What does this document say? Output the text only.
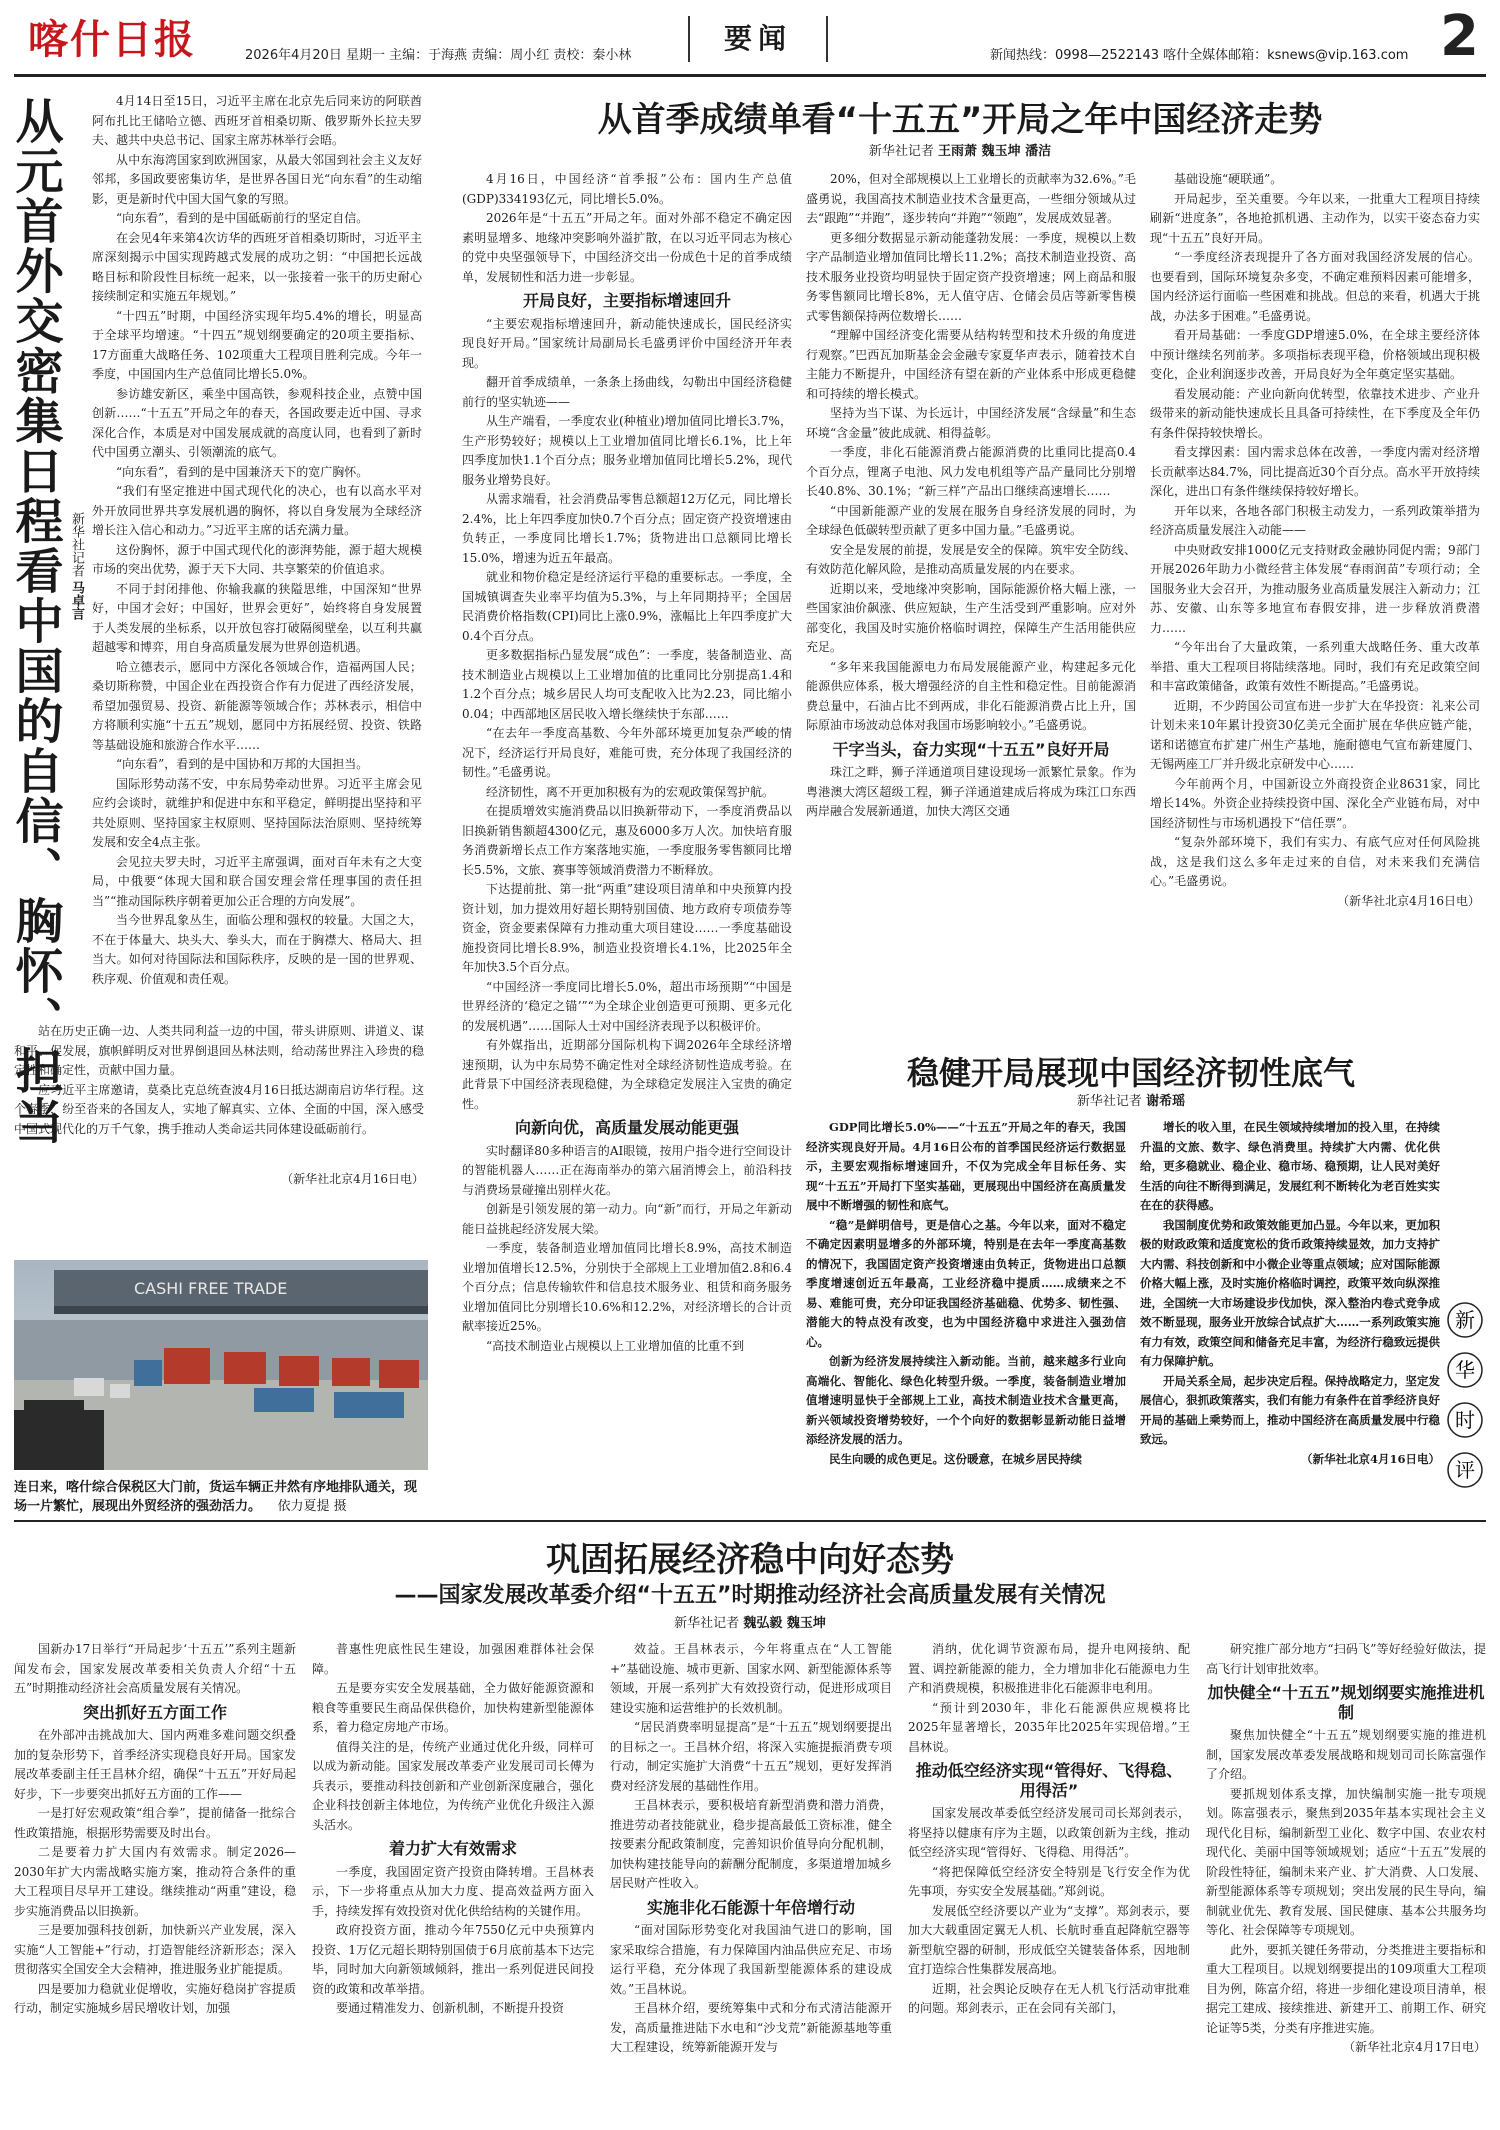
喀什日报	2026年4月20日 星期一 主编：于海燕 责编：周小红 责校：秦小林
要闻
新闻热线：0998—2522143 喀什全媒体邮箱：ksnews@vip.163.com 2
从元首外交密集日程看中国的自信、胸怀、担当 新华社记者 马卓言

4月14日至15日，习近平主席在北京先后同来访的阿联酋阿布扎比王储哈立德、西班牙首相桑切斯、俄罗斯外长拉夫罗夫、越共中央总书记、国家主席苏林举行会晤。

从中东海湾国家到欧洲国家，从最大邻国到社会主义友好邻邦，多国政要密集访华，是世界各国日光“向东看”的生动缩影，更是新时代中国大国气象的写照。

“向东看”，看到的是中国砥砺前行的坚定自信。

在会见4年来第4次访华的西班牙首相桑切斯时，习近平主席深刻揭示中国实现跨越式发展的成功之钥：“中国把长远战略目标和阶段性目标统一起来，以一张接着一张干的历史耐心接续制定和实施五年规划。”

“十四五”时期，中国经济实现年均5.4%的增长，明显高于全球平均增速。“十四五”规划纲要确定的20项主要指标、17方面重大战略任务、102项重大工程项目胜利完成。今年一季度，中国国内生产总值同比增长5.0%。

参访雄安新区，乘坐中国高铁，参观科技企业，点赞中国创新……“十五五”开局之年的春天，各国政要走近中国、寻求深化合作，本质是对中国发展成就的高度认同，也看到了新时代中国勇立潮头、引领潮流的底气。

“向东看”，看到的是中国兼济天下的宽广胸怀。

“我们有坚定推进中国式现代化的决心，也有以高水平对外开放同世界共享发展机遇的胸怀，将以自身发展为全球经济增长注入信心和动力。”习近平主席的话充满力量。

这份胸怀，源于中国式现代化的澎湃势能，源于超大规模市场的突出优势，源于天下大同、共享繁荣的价值追求。

不同于封闭排他、你输我赢的狭隘思维，中国深知“世界好，中国才会好；中国好，世界会更好”，始终将自身发展置于人类发展的坐标系，以开放包容打破隔阂壁垒，以互利共赢超越零和博弈，用自身高质量发展为世界创造机遇。

哈立德表示，愿同中方深化各领域合作，造福两国人民；桑切斯称赞，中国企业在西投资合作有力促进了西经济发展，希望加强贸易、投资、新能源等领域合作；苏林表示，相信中方将顺利实施“十五五”规划，愿同中方拓展经贸、投资、铁路等基础设施和旅游合作水平……

“向东看”，看到的是中国协和万邦的大国担当。

国际形势动荡不安，中东局势牵动世界。习近平主席会见应约会谈时，就维护和促进中东和平稳定，鲜明提出坚持和平共处原则、坚持国家主权原则、坚持国际法治原则、坚持统筹发展和安全4点主张。

会见拉夫罗夫时，习近平主席强调，面对百年未有之大变局，中俄要“体现大国和联合国安理会常任理事国的责任担当”“推动国际秩序朝着更加公正合理的方向发展”。

当今世界乱象丛生，面临公理和强权的较量。大国之大，不在于体量大、块头大、拳头大，而在于胸襟大、格局大、担当大。如何对待国际法和国际秩序，反映的是一国的世界观、秩序观、价值观和责任观。

站在历史正确一边、人类共同利益一边的中国，带头讲原则、讲道义、谋和平、促发展，旗帜鲜明反对世界倒退回丛林法则，给动荡世界注入珍贵的稳定性和确定性，贡献中国力量。

应习近平主席邀请，莫桑比克总统查波4月16日抵达湖南启访华行程。这个春季，纷至沓来的各国友人，实地了解真实、立体、全面的中国，深入感受中国式现代化的万千气象，携手推动人类命运共同体建设砥砺前行。

（新华社北京4月16日电）
CASHI FREE TRADE
连日来，喀什综合保税区大门前，货运车辆正井然有序地排队通关，现场一片繁忙，展现出外贸经济的强劲活力。 依力夏提 摄
从首季成绩单看“十五五”开局之年中国经济走势
新华社记者 王雨萧 魏玉坤 潘洁

4月16日，中国经济“首季报”公布：国内生产总值(GDP)334193亿元，同比增长5.0%。

2026年是“十五五”开局之年。面对外部不稳定不确定因素明显增多、地缘冲突影响外溢扩散，在以习近平同志为核心的党中央坚强领导下，中国经济交出一份成色十足的首季成绩单，发展韧性和活力进一步彰显。

开局良好，主要指标增速回升

“主要宏观指标增速回升，新动能快速成长，国民经济实现良好开局。”国家统计局副局长毛盛勇评价中国经济开年表现。

翻开首季成绩单，一条条上扬曲线，勾勒出中国经济稳健前行的坚实轨迹——

从生产端看，一季度农业(种植业)增加值同比增长3.7%，生产形势较好；规模以上工业增加值同比增长6.1%，比上年四季度加快1.1个百分点；服务业增加值同比增长5.2%，现代服务业增势良好。

从需求端看，社会消费品零售总额超12万亿元，同比增长2.4%，比上年四季度加快0.7个百分点；固定资产投资增速由负转正，一季度同比增长1.7%；货物进出口总额同比增长15.0%，增速为近五年最高。

就业和物价稳定是经济运行平稳的重要标志。一季度，全国城镇调查失业率平均值为5.3%，与上年同期持平；全国居民消费价格指数(CPI)同比上涨0.9%，涨幅比上年四季度扩大0.4个百分点。

更多数据指标凸显发展“成色”：一季度，装备制造业、高技术制造业占规模以上工业增加值的比重同比分别提高1.4和1.2个百分点；城乡居民人均可支配收入比为2.23，同比缩小0.04；中西部地区居民收入增长继续快于东部……

“在去年一季度高基数、今年外部环境更加复杂严峻的情况下，经济运行开局良好，难能可贵，充分体现了我国经济的韧性。”毛盛勇说。

经济韧性，离不开更加积极有为的宏观政策保驾护航。

在提质增效实施消费品以旧换新带动下，一季度消费品以旧换新销售额超4300亿元，惠及6000多万人次。加快培育服务消费新增长点工作方案落地实施，一季度服务零售额同比增长5.5%，文旅、赛事等领域消费潜力不断释放。

下达提前批、第一批“两重”建设项目清单和中央预算内投资计划，加力提效用好超长期特别国债、地方政府专项债券等资金，资金要素保障有力推动重大项目建设……一季度基础设施投资同比增长8.9%，制造业投资增长4.1%，比2025年全年加快3.5个百分点。

“中国经济一季度同比增长5.0%，超出市场预期”“中国是世界经济的‘稳定之锚’”“为全球企业创造更可预期、更多元化的发展机遇”……国际人士对中国经济表现予以积极评价。

有外媒指出，近期部分国际机构下调2026年全球经济增速预期，认为中东局势不确定性对全球经济韧性造成考验。在此背景下中国经济表现稳健，为全球稳定发展注入宝贵的确定性。

向新向优，高质量发展动能更强

实时翻译80多种语言的AI眼镜，按用户指令进行空间设计的智能机器人……正在海南举办的第六届消博会上，前沿科技与消费场景碰撞出别样火花。

创新是引领发展的第一动力。向“新”而行，开局之年新动能日益挑起经济发展大梁。

一季度，装备制造业增加值同比增长8.9%，高技术制造业增加值增长12.5%，分别快于全部规上工业增加值2.8和6.4个百分点；信息传输软件和信息技术服务业、租赁和商务服务业增加值同比分别增长10.6%和12.2%，对经济增长的合计贡献率接近25%。

“高技术制造业占规模以上工业增加值的比重不到

20%，但对全部规模以上工业增长的贡献率为32.6%。”毛盛勇说，我国高技术制造业技术含量更高，一些细分领域从过去“跟跑”“并跑”，逐步转向“并跑”“领跑”，发展成效显著。

更多细分数据显示新动能蓬勃发展：一季度，规模以上数字产品制造业增加值同比增长11.2%；高技术制造业投资、高技术服务业投资均明显快于固定资产投资增速；网上商品和服务零售额同比增长8%，无人值守店、仓储会员店等新零售模式零售额保持两位数增长……

“理解中国经济变化需要从结构转型和技术升级的角度进行观察。”巴西瓦加斯基金会金融专家夏华声表示，随着技术自主能力不断提升，中国经济有望在新的产业体系中形成更稳健和可持续的增长模式。

坚持为当下谋、为长远计，中国经济发展“含绿量”和生态环境“含金量”彼此成就、相得益彰。

一季度，非化石能源消费占能源消费的比重同比提高0.4个百分点，锂离子电池、风力发电机组等产品产量同比分别增长40.8%、30.1%；“新三样”产品出口继续高速增长……

“中国新能源产业的发展在服务自身经济发展的同时，为全球绿色低碳转型贡献了更多中国力量。”毛盛勇说。

安全是发展的前提，发展是安全的保障。筑牢安全防线、有效防范化解风险，是推动高质量发展的内在要求。

近期以来，受地缘冲突影响，国际能源价格大幅上涨，一些国家油价飙涨、供应短缺，生产生活受到严重影响。应对外部变化，我国及时实施价格临时调控，保障生产生活用能供应充足。

“多年来我国能源电力布局发展能源产业，构建起多元化能源供应体系，极大增强经济的自主性和稳定性。目前能源消费总量中，石油占比不到两成，非化石能源消费占比上升，国际原油市场波动总体对我国市场影响较小。”毛盛勇说。

干字当头，奋力实现“十五五”良好开局

珠江之畔，狮子洋通道项目建设现场一派繁忙景象。作为粤港澳大湾区超级工程，狮子洋通道建成后将成为珠江口东西两岸融合发展新通道，加快大湾区交通

基础设施“硬联通”。

开局起步，至关重要。今年以来，一批重大工程项目持续刷新“进度条”，各地抢抓机遇、主动作为，以实干姿态奋力实现“十五五”良好开局。

“一季度经济表现提升了各方面对我国经济发展的信心。也要看到，国际环境复杂多变，不确定难预料因素可能增多，国内经济运行面临一些困难和挑战。但总的来看，机遇大于挑战，办法多于困难。”毛盛勇说。

看开局基础：一季度GDP增速5.0%，在全球主要经济体中预计继续名列前茅。多项指标表现平稳，价格领域出现积极变化，企业利润逐步改善，开局良好为全年奠定坚实基础。

看发展动能：产业向新向优转型，依靠技术进步、产业升级带来的新动能快速成长且具备可持续性，在下季度及全年仍有条件保持较快增长。

看支撑因素：国内需求总体在改善，一季度内需对经济增长贡献率达84.7%，同比提高近30个百分点。高水平开放持续深化，进出口有条件继续保持较好增长。

开年以来，各地各部门积极主动发力，一系列政策举措为经济高质量发展注入动能——

中央财政安排1000亿元支持财政金融协同促内需；9部门开展2026年助力小微经营主体发展“春雨润苗”专项行动；全国服务业大会召开，为推动服务业高质量发展注入新动力；江苏、安徽、山东等多地宣布春假安排，进一步释放消费潜力……

“今年出台了大量政策，一系列重大战略任务、重大改革举措、重大工程项目将陆续落地。同时，我们有充足政策空间和丰富政策储备，政策有效性不断提高。”毛盛勇说。

近期，不少跨国公司宣布进一步扩大在华投资：礼来公司计划未来10年累计投资30亿美元全面扩展在华供应链产能，诺和诺德宣布扩建广州生产基地，施耐德电气宣布新建厦门、无锡两座工厂并升级北京研发中心……

今年前两个月，中国新设立外商投资企业8631家，同比增长14%。外资企业持续投资中国、深化全产业链布局，对中国经济韧性与市场机遇投下“信任票”。

“复杂外部环境下，我们有实力、有底气应对任何风险挑战，这是我们这么多年走过来的自信，对未来我们充满信心。”毛盛勇说。

（新华社北京4月16日电）

稳健开局展现中国经济韧性底气
新华社记者 谢希瑶

GDP同比增长5.0%——“十五五”开局之年的春天，我国经济实现良好开局。4月16日公布的首季国民经济运行数据显示，主要宏观指标增速回升，不仅为完成全年目标任务、实现“十五五”开局打下坚实基础，更展现出中国经济在高质量发展中不断增强的韧性和底气。

“稳”是鲜明信号，更是信心之基。今年以来，面对不稳定不确定因素明显增多的外部环境，特别是在去年一季度高基数的情况下，我国固定资产投资增速由负转正，货物进出口总额季度增速创近五年最高，工业经济稳中提质……成绩来之不易、难能可贵，充分印证我国经济基础稳、优势多、韧性强、潜能大的特点没有改变，也为中国经济稳中求进注入强劲信心。

创新为经济发展持续注入新动能。当前，越来越多行业向高端化、智能化、绿色化转型升级。一季度，装备制造业增加值增速明显快于全部规上工业，高技术制造业技术含量更高，新兴领域投资增势较好，一个个向好的数据彰显新动能日益增添经济发展的活力。

民生向暖的成色更足。这份暖意，在城乡居民持续

增长的收入里，在民生领域持续增加的投入里，在持续升温的文旅、数字、绿色消费里。持续扩大内需、优化供给，更多稳就业、稳企业、稳市场、稳预期，让人民对美好生活的向往不断得到满足，发展红利不断转化为老百姓实实在在的获得感。

我国制度优势和政策效能更加凸显。今年以来，更加积极的财政政策和适度宽松的货币政策持续显效，加力支持扩大内需、科技创新和中小微企业等重点领域；应对国际能源价格大幅上涨，及时实施价格临时调控，政策平效向纵深推进，全国统一大市场建设步伐加快，深入整治内卷式竞争成效不断显现，服务业开放综合试点扩大……一系列政策实施有力有效，政策空间和储备充足丰富，为经济行稳致远提供有力保障护航。

开局关系全局，起步决定后程。保持战略定力，坚定发展信心，狠抓政策落实，我们有能力有条件在首季经济良好开局的基础上乘势而上，推动中国经济在高质量发展中行稳致远。

（新华社北京4月16日电）

新
华
时
评
巩固拓展经济稳中向好态势
——国家发展改革委介绍“十五五”时期推动经济社会高质量发展有关情况
新华社记者 魏弘毅 魏玉坤

国新办17日举行“开局起步‘十五五’”系列主题新闻发布会，国家发展改革委相关负责人介绍“十五五”时期推动经济社会高质量发展有关情况。

突出抓好五方面工作

在外部冲击挑战加大、国内两难多难问题交织叠加的复杂形势下，首季经济实现稳良好开局。国家发展改革委副主任王昌林介绍，确保“十五五”开好局起好步，下一步要突出抓好五方面的工作——

一是打好宏观政策“组合拳”，提前储备一批综合性政策措施，根据形势需要及时出台。

二是要着力扩大国内有效需求。制定2026—2030年扩大内需战略实施方案，推动符合条件的重大工程项目尽早开工建设。继续推动“两重”建设，稳步实施消费品以旧换新。

三是要加强科技创新，加快新兴产业发展，深入实施“人工智能+”行动，打造智能经济新形态；深入贯彻落实全国安全大会精神，推进服务业扩能提质。

四是要加力稳就业促增收，实施好稳岗扩容提质行动，制定实施城乡居民增收计划，加强

普惠性兜底性民生建设，加强困难群体社会保障。

五是要夯实安全发展基础，全力做好能源资源和粮食等重要民生商品保供稳价，加快构建新型能源体系，着力稳定房地产市场。

值得关注的是，传统产业通过优化升级，同样可以成为新动能。国家发展改革委产业发展司司长傅为兵表示，要推动科技创新和产业创新深度融合，强化企业科技创新主体地位，为传统产业优化升级注入源头活水。

着力扩大有效需求

一季度，我国固定资产投资由降转增。王昌林表示，下一步将重点从加大力度、提高效益两方面入手，持续发挥有效投资对优化供给结构的关键作用。

政府投资方面，推动今年7550亿元中央预算内投资、1万亿元超长期特别国债于6月底前基本下达完毕，同时加大向新领域倾斜，推出一系列促进民间投资的政策和改革举措。

要通过精准发力、创新机制，不断提升投资

效益。王昌林表示，今年将重点在“人工智能+”基础设施、城市更新、国家水网、新型能源体系等领域，开展一系列扩大有效投资行动，促进形成项目建设实施和运营维护的长效机制。

“居民消费率明显提高”是“十五五”规划纲要提出的目标之一。王昌林介绍，将深入实施提振消费专项行动，制定实施扩大消费“十五五”规划，更好发挥消费对经济发展的基础性作用。

王昌林表示，要积极培育新型消费和潜力消费，推进劳动者技能就业，稳步提高最低工资标准，健全按要素分配政策制度，完善知识价值导向分配机制，加快构建技能导向的薪酬分配制度，多渠道增加城乡居民财产性收入。

实施非化石能源十年倍增行动

“面对国际形势变化对我国油气进口的影响，国家采取综合措施，有力保障国内油品供应充足、市场运行平稳，充分体现了我国新型能源体系的建设成效。”王昌林说。

王昌林介绍，要统筹集中式和分布式清洁能源开发，高质量推进陆下水电和“沙戈荒”新能源基地等重大工程建设，统筹新能源开发与

消纳，优化调节资源布局，提升电网接纳、配置、调控新能源的能力，全力增加非化石能源电力生产和消费规模，积极推进非化石能源非电利用。

“预计到2030年，非化石能源供应规模将比2025年显著增长，2035年比2025年实现倍增。”王昌林说。

推动低空经济实现“管得好、飞得稳、用得活”

国家发展改革委低空经济发展司司长郑剑表示，将坚持以健康有序为主题，以政策创新为主线，推动低空经济实现“管得好、飞得稳、用得活”。

“将把保障低空经济安全特别是飞行安全作为优先事项，夯实安全发展基础。”郑剑说。

发展低空经济要以产业为“支撑”。郑剑表示，要加大大载重固定翼无人机、长航时垂直起降航空器等新型航空器的研制，形成低空关键装备体系，因地制宜打造综合性集群发展高地。

近期，社会舆论反映存在无人机飞行活动审批难的问题。郑剑表示，正在会同有关部门，

研究推广部分地方“扫码飞”等好经验好做法，提高飞行计划审批效率。

加快健全“十五五”规划纲要实施推进机制

聚焦加快健全“十五五”规划纲要实施的推进机制，国家发展改革委发展战略和规划司司长陈富强作了介绍。

要抓规划体系支撑，加快编制实施一批专项规划。陈富强表示，聚焦到2035年基本实现社会主义现代化目标，编制新型工业化、数字中国、农业农村现代化、美丽中国等领域规划；适应“十五五”发展的阶段性特征，编制未来产业、扩大消费、人口发展、新型能源体系等专项规划；突出发展的民生导向，编制就业优先、教育发展、国民健康、基本公共服务均等化、社会保障等专项规划。

此外，要抓关键任务带动，分类推进主要指标和重大工程项目。以规划纲要提出的109项重大工程项目为例，陈富介绍，将进一步细化建设项目清单，根据完工建成、接续推进、新建开工、前期工作、研究论证等5类，分类有序推进实施。

（新华社北京4月17日电）
